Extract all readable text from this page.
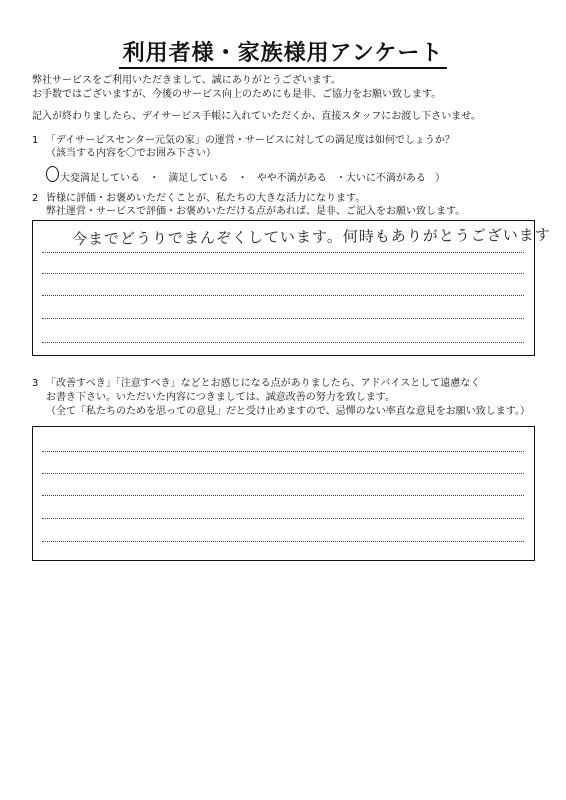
利用者様・家族様用アンケート
弊社サービスをご利用いただきまして、誠にありがとうございます。
お手数ではございますが、今後のサービス向上のためにも是非、ご協力をお願い致します。
記入が終わりましたら、デイサービス手帳に入れていただくか、直接スタッフにお渡し下さいませ。
1 「デイサービスセンター元気の家」の運営・サービスに対しての満足度は如何でしょうか？
（該当する内容を〇でお囲み下さい）
大変満足している ・ 満足している ・ やや不満がある ・大いに不満がある ）
2 皆様に評価・お褒めいただくことが、私たちの大きな活力になります。
弊社運営・サービスで評価・お褒めいただける点があれば、是非、ご記入をお願い致します。
今までどうりでまんぞくしています。何時もありがとうございます
3 「改善すべき」「注意すべき」などとお感じになる点がありましたら、アドバイスとして遠慮なく
お書き下さい。いただいた内容につきましては、誠意改善の努力を致します。
（全て「私たちのためを思っての意見」だと受け止めますので、忌憚のない率直な意見をお願い致します。）
